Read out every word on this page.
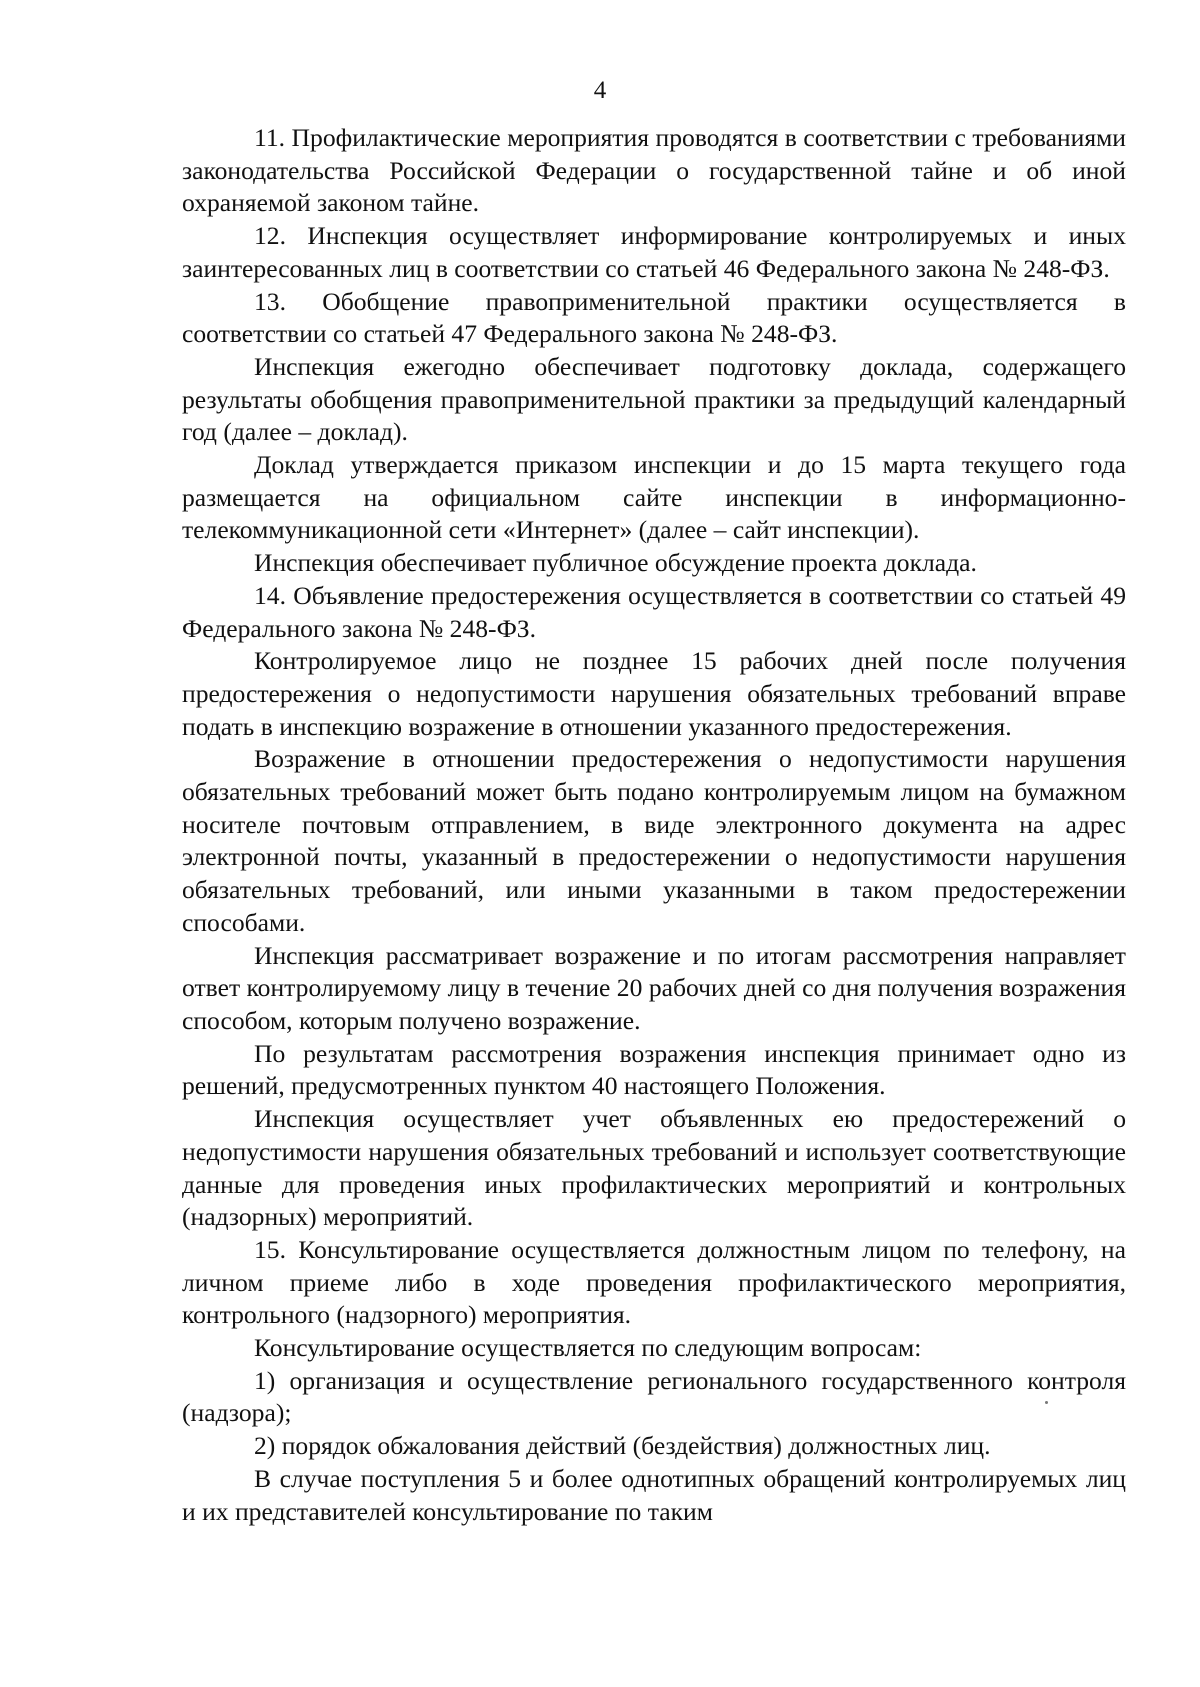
4

11. Профилактические мероприятия проводятся в соответствии с требованиями законодательства Российской Федерации о государственной тайне и об иной охраняемой законом тайне.

12. Инспекция осуществляет информирование контролируемых и иных заинтересованных лиц в соответствии со статьей 46 Федерального закона № 248-ФЗ.

13. Обобщение правоприменительной практики осуществляется в соответствии со статьей 47 Федерального закона № 248-ФЗ.

Инспекция ежегодно обеспечивает подготовку доклада, содержащего результаты обобщения правоприменительной практики за предыдущий календарный год (далее – доклад).

Доклад утверждается приказом инспекции и до 15 марта текущего года размещается на официальном сайте инспекции в информационно-телекоммуникационной сети «Интернет» (далее – сайт инспекции).

Инспекция обеспечивает публичное обсуждение проекта доклада.

14. Объявление предостережения осуществляется в соответствии со статьей 49 Федерального закона № 248-ФЗ.

Контролируемое лицо не позднее 15 рабочих дней после получения предостережения о недопустимости нарушения обязательных требований вправе подать в инспекцию возражение в отношении указанного предостережения.

Возражение в отношении предостережения о недопустимости нарушения обязательных требований может быть подано контролируемым лицом на бумажном носителе почтовым отправлением, в виде электронного документа на адрес электронной почты, указанный в предостережении о недопустимости нарушения обязательных требований, или иными указанными в таком предостережении способами.

Инспекция рассматривает возражение и по итогам рассмотрения направляет ответ контролируемому лицу в течение 20 рабочих дней со дня получения возражения способом, которым получено возражение.

По результатам рассмотрения возражения инспекция принимает одно из решений, предусмотренных пунктом 40 настоящего Положения.

Инспекция осуществляет учет объявленных ею предостережений о недопустимости нарушения обязательных требований и использует соответствующие данные для проведения иных профилактических мероприятий и контрольных (надзорных) мероприятий.

15. Консультирование осуществляется должностным лицом по телефону, на личном приеме либо в ходе проведения профилактического мероприятия, контрольного (надзорного) мероприятия.

Консультирование осуществляется по следующим вопросам:

1) организация и осуществление регионального государственного контроля (надзора);

2) порядок обжалования действий (бездействия) должностных лиц.

В случае поступления 5 и более однотипных обращений контролируемых лиц и их представителей консультирование по таким
